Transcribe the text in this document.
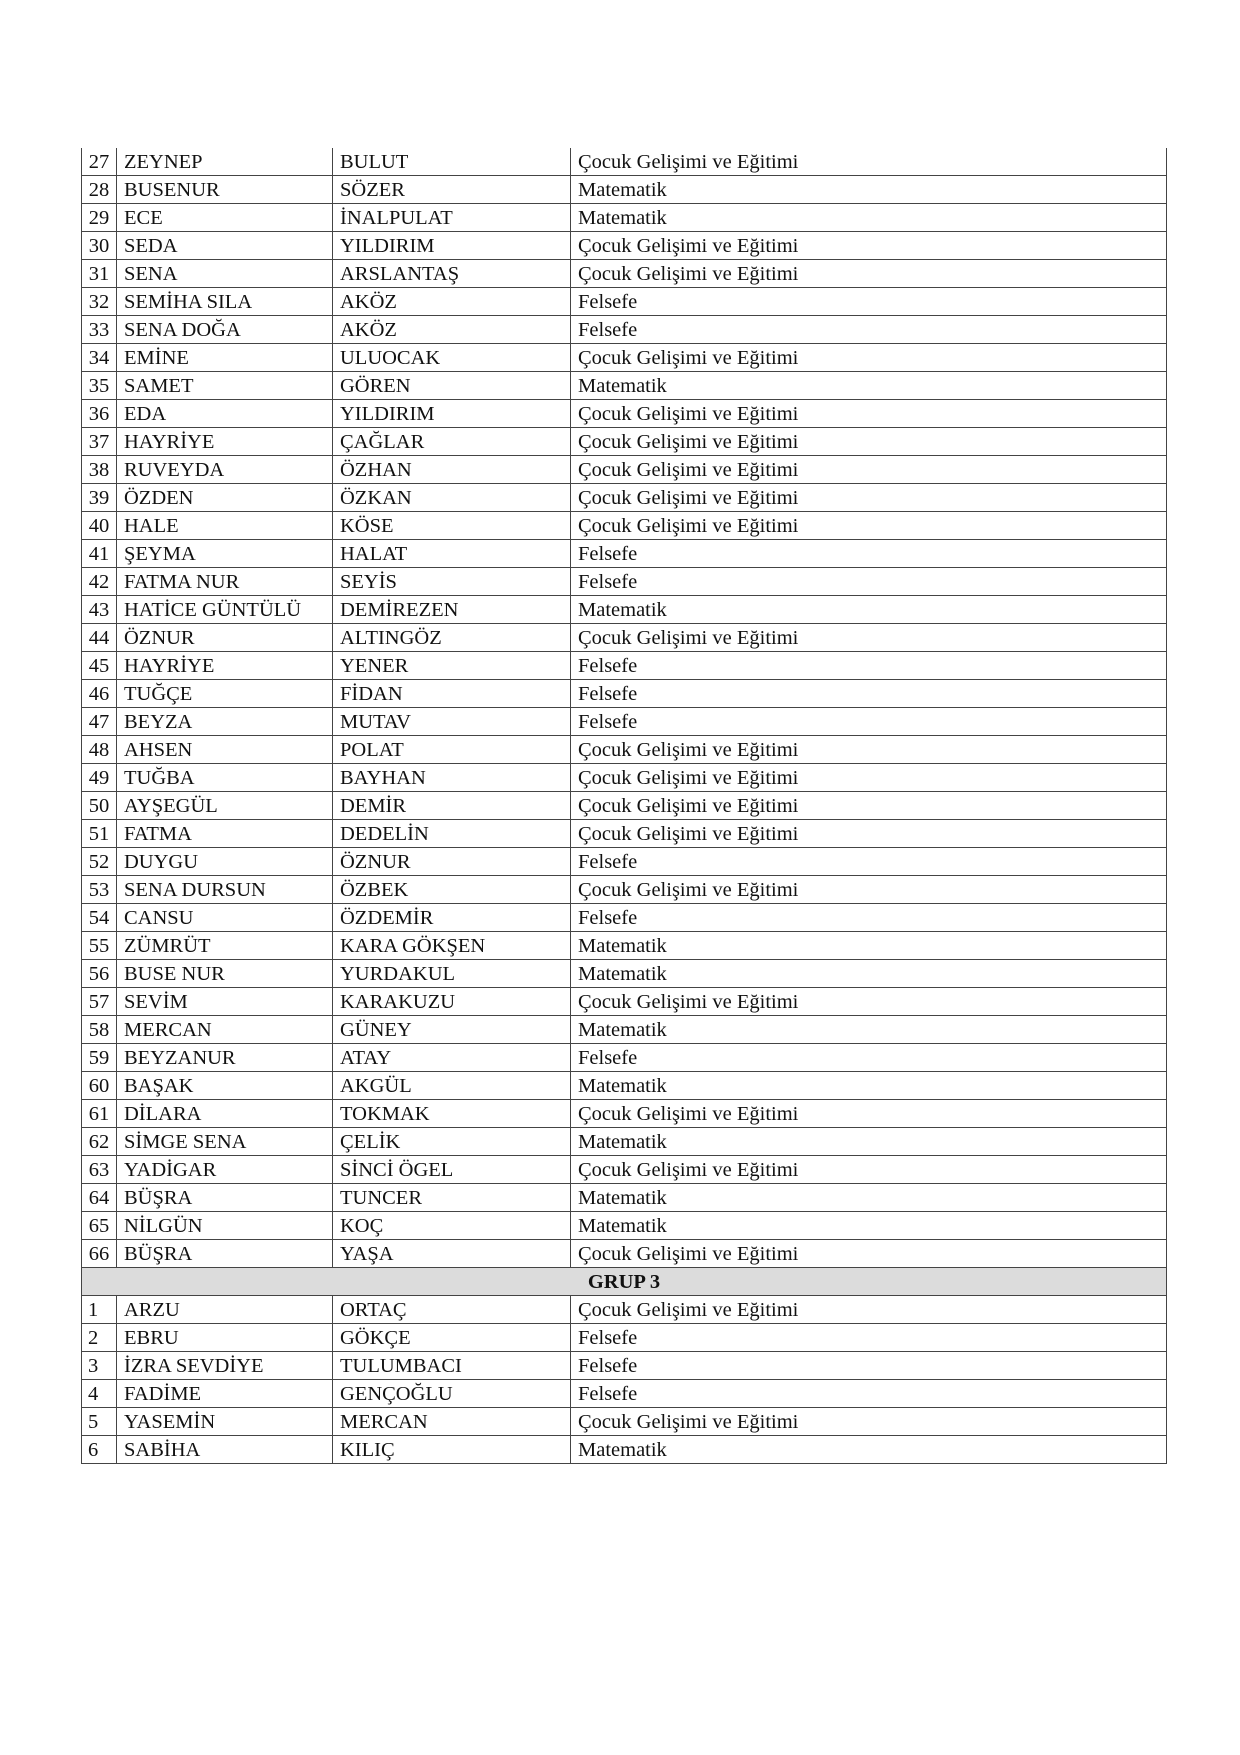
27	ZEYNEP	BULUT	Çocuk Gelişimi ve Eğitimi
28	BUSENUR	SÖZER	Matematik
29	ECE	İNALPULAT	Matematik
30	SEDA	YILDIRIM	Çocuk Gelişimi ve Eğitimi
31	SENA	ARSLANTAŞ	Çocuk Gelişimi ve Eğitimi
32	SEMİHA SILA	AKÖZ	Felsefe
33	SENA DOĞA	AKÖZ	Felsefe
34	EMİNE	ULUOCAK	Çocuk Gelişimi ve Eğitimi
35	SAMET	GÖREN	Matematik
36	EDA	YILDIRIM	Çocuk Gelişimi ve Eğitimi
37	HAYRİYE	ÇAĞLAR	Çocuk Gelişimi ve Eğitimi
38	RUVEYDA	ÖZHAN	Çocuk Gelişimi ve Eğitimi
39	ÖZDEN	ÖZKAN	Çocuk Gelişimi ve Eğitimi
40	HALE	KÖSE	Çocuk Gelişimi ve Eğitimi
41	ŞEYMA	HALAT	Felsefe
42	FATMA NUR	SEYİS	Felsefe
43	HATİCE GÜNTÜLÜ	DEMİREZEN	Matematik
44	ÖZNUR	ALTINGÖZ	Çocuk Gelişimi ve Eğitimi
45	HAYRİYE	YENER	Felsefe
46	TUĞÇE	FİDAN	Felsefe
47	BEYZA	MUTAV	Felsefe
48	AHSEN	POLAT	Çocuk Gelişimi ve Eğitimi
49	TUĞBA	BAYHAN	Çocuk Gelişimi ve Eğitimi
50	AYŞEGÜL	DEMİR	Çocuk Gelişimi ve Eğitimi
51	FATMA	DEDELİN	Çocuk Gelişimi ve Eğitimi
52	DUYGU	ÖZNUR	Felsefe
53	SENA DURSUN	ÖZBEK	Çocuk Gelişimi ve Eğitimi
54	CANSU	ÖZDEMİR	Felsefe
55	ZÜMRÜT	KARA GÖKŞEN	Matematik
56	BUSE NUR	YURDAKUL	Matematik
57	SEVİM	KARAKUZU	Çocuk Gelişimi ve Eğitimi
58	MERCAN	GÜNEY	Matematik
59	BEYZANUR	ATAY	Felsefe
60	BAŞAK	AKGÜL	Matematik
61	DİLARA	TOKMAK	Çocuk Gelişimi ve Eğitimi
62	SİMGE SENA	ÇELİK	Matematik
63	YADİGAR	SİNCİ ÖGEL	Çocuk Gelişimi ve Eğitimi
64	BÜŞRA	TUNCER	Matematik
65	NİLGÜN	KOÇ	Matematik
66	BÜŞRA	YAŞA	Çocuk Gelişimi ve Eğitimi
GRUP 3			
1	ARZU	ORTAÇ	Çocuk Gelişimi ve Eğitimi
2	EBRU	GÖKÇE	Felsefe
3	İZRA SEVDİYE	TULUMBACI	Felsefe
4	FADİME	GENÇOĞLU	Felsefe
5	YASEMİN	MERCAN	Çocuk Gelişimi ve Eğitimi
6	SABİHA	KILIÇ	Matematik
